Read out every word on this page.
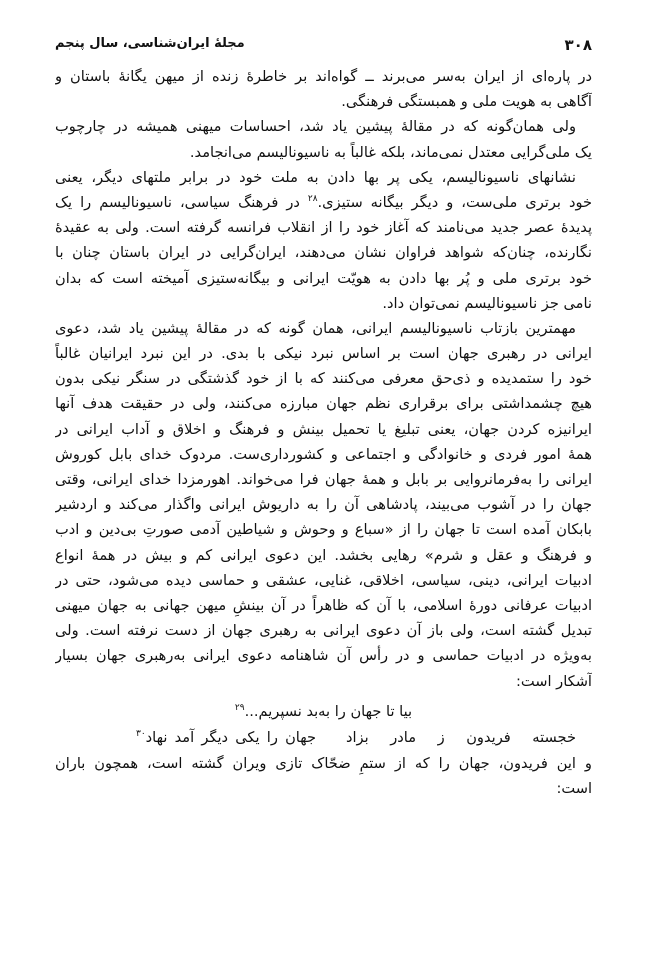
۳۰۸
مجلهٔ ایران‌شناسی، سال پنجم
در پاره‌ای از ایران به‌سر می‌برند ــ گواه‌اند بر خاطرهٔ زنده از میهن یگانهٔ باستان و
آگاهی به هویت ملی و همبستگی فرهنگی.
ولی همان‌گونه که در مقالهٔ پیشین یاد شد، احساسات میهنی همیشه در چارچوب
یک ملی‌گرایی معتدل نمی‌ماند، بلکه غالباً به ناسیونالیسم می‌انجامد.
نشانهای ناسیونالیسم، یکی پر بها دادن به ملت خود در برابر ملتهای دیگر، یعنی
خود برتری ملی‌ست، و دیگر بیگانه ستیزی.$^{۲۸}$ در فرهنگ سیاسی، ناسیونالیسم را یک
پدیدهٔ عصر جدید می‌نامند که آغاز خود را از انقلاب فرانسه گرفته است. ولی به عقیدهٔ
نگارنده، چنان‌که شواهد فراوان نشان می‌دهند، ایران‌گرایی در ایران باستان چنان با
خود برتری ملی و پُر بها دادن به هویّت ایرانی و بیگانه‌ستیزی آمیخته است که بدان
نامی جز ناسیونالیسم نمی‌توان داد.
مهمترین بازتاب ناسیونالیسم ایرانی، همان گونه که در مقالهٔ پیشین یاد شد، دعوی
ایرانی در رهبری جهان است بر اساس نبرد نیکی با بدی. در این نبرد ایرانیان غالباً
خود را ستمدیده و ذی‌حق معرفی می‌کنند که با از خود گذشتگی در سنگر نیکی بدون
هیچ چشمداشتی برای برقراری نظم جهان مبارزه می‌کنند، ولی در حقیقت هدف آنها
ایرانیزه کردن جهان، یعنی تبلیغ یا تحمیل بینش و فرهنگ و اخلاق و آداب ایرانی در
همهٔ امور فردی و خانوادگی و اجتماعی و کشورداری‌ست. مردوک خدای بابل کوروش
ایرانی را به‌فرمانروایی بر بابل و همهٔ جهان فرا می‌خواند. اهورمزدا خدای ایرانی، وقتی
جهان را در آشوب می‌بیند، پادشاهی آن را به داریوش ایرانی واگذار می‌کند و اردشیر
بابکان آمده است تا جهان را از «سباع و وحوش و شیاطین آدمی صورتِ بی‌دین و ادب
و فرهنگ و عقل و شرم» رهایی بخشد. این دعوی ایرانی کم و بیش در همهٔ انواع
ادبیات ایرانی، دینی، سیاسی، اخلاقی، غنایی، عشقی و حماسی دیده می‌شود، حتی در
ادبیات عرفانی دورهٔ اسلامی، با آن که ظاهراً در آن بینشِ میهن جهانی به جهان میهنی
تبدیل گشته است، ولی باز آن دعوی ایرانی به رهبری جهان از دست نرفته است. ولی
به‌ویژه در ادبیات حماسی و در رأس آن شاهنامه دعوی ایرانی به‌رهبری جهان بسیار
آشکار است:
بیا تا جهان را به‌بد نسپریم...$^{۲۹}$
خجسته فریدون ز مادر بزاد
جهان را یکی دیگر آمد نهاد$^{۳۰}$
و این فریدون، جهان را که از ستمِ ضحّاک تازی ویران گشته است، همچون باران
است:
